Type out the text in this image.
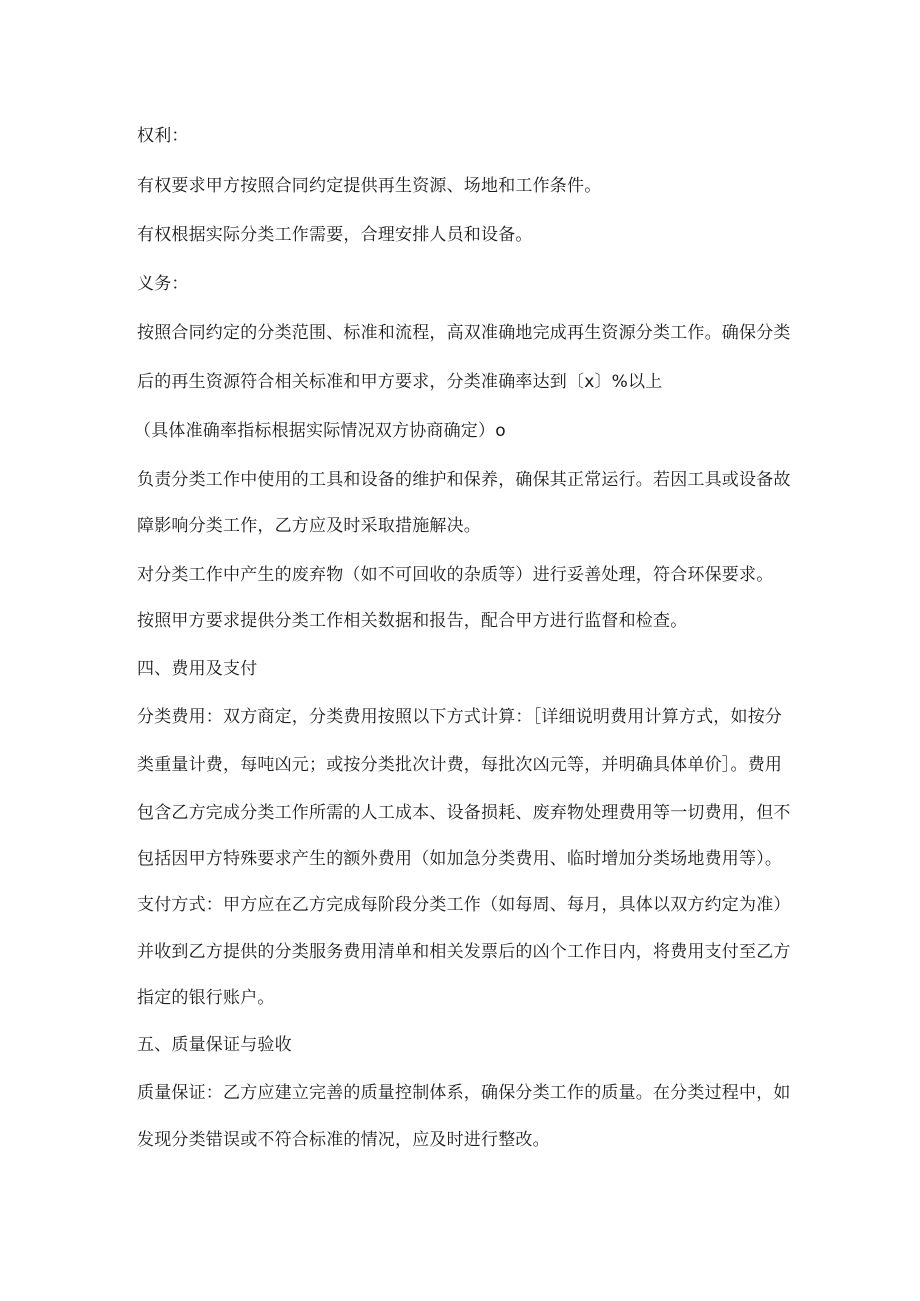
权利：
有权要求甲方按照合同约定提供再生资源、场地和工作条件。
有权根据实际分类工作需要，合理安排人员和设备。
义务：
按照合同约定的分类范围、标准和流程，高双准确地完成再生资源分类工作。确保分类
后的再生资源符合相关标准和甲方要求，分类准确率达到〔x〕%以上
（具体准确率指标根据实际情况双方协商确定）o
负责分类工作中使用的工具和设备的维护和保养，确保其正常运行。若因工具或设备故
障影响分类工作，乙方应及时采取措施解决。
对分类工作中产生的废弃物（如不可回收的杂质等）进行妥善处理，符合环保要求。
按照甲方要求提供分类工作相关数据和报告，配合甲方进行监督和检查。
四、费用及支付
分类费用：双方商定，分类费用按照以下方式计算：［详细说明费用计算方式，如按分
类重量计费，每吨凶元；或按分类批次计费，每批次凶元等，并明确具体单价］。费用
包含乙方完成分类工作所需的人工成本、设备损耗、废弃物处理费用等一切费用，但不
包括因甲方特殊要求产生的额外费用（如加急分类费用、临时增加分类场地费用等）。
支付方式：甲方应在乙方完成每阶段分类工作（如每周、每月，具体以双方约定为准）
并收到乙方提供的分类服务费用清单和相关发票后的凶个工作日内，将费用支付至乙方
指定的银行账户。
五、质量保证与验收
质量保证：乙方应建立完善的质量控制体系，确保分类工作的质量。在分类过程中，如
发现分类错误或不符合标准的情况，应及时进行整改。
